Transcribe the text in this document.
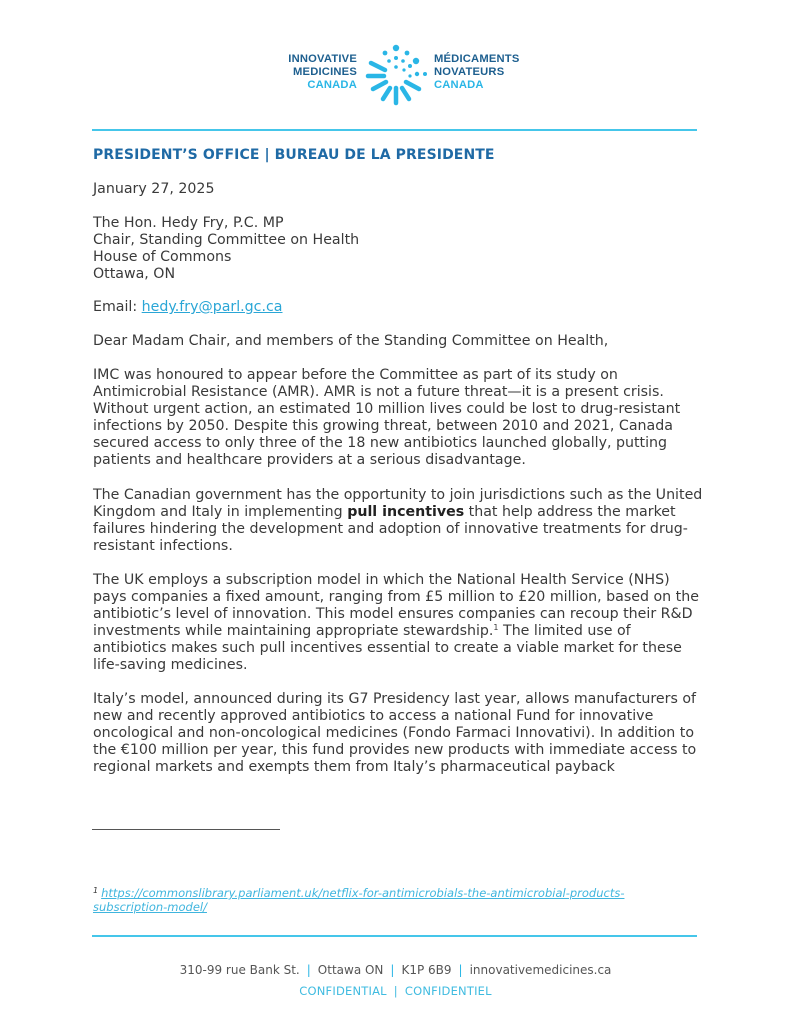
INNOVATIVE
MEDICINES
CANADA
MÉDICAMENTS
NOVATEURS
CANADA
PRESIDENT’S OFFICE | BUREAU DE LA PRESIDENTE
January 27, 2025
The Hon. Hedy Fry, P.C. MP
Chair, Standing Committee on Health
House of Commons
Ottawa, ON
Email: hedy.fry@parl.gc.ca
Dear Madam Chair, and members of the Standing Committee on Health,
IMC was honoured to appear before the Committee as part of its study on Antimicrobial Resistance (AMR). AMR is not a future threat—it is a present crisis. Without urgent action, an estimated 10 million lives could be lost to drug-resistant infections by 2050. Despite this growing threat, between 2010 and 2021, Canada secured access to only three of the 18 new antibiotics launched globally, putting patients and healthcare providers at a serious disadvantage.
The Canadian government has the opportunity to join jurisdictions such as the United Kingdom and Italy in implementing pull incentives that help address the market failures hindering the development and adoption of innovative treatments for drug-resistant infections.
The UK employs a subscription model in which the National Health Service (NHS) pays companies a fixed amount, ranging from £5 million to £20 million, based on the antibiotic’s level of innovation. This model ensures companies can recoup their R&D investments while maintaining appropriate stewardship.$^1$ The limited use of antibiotics makes such pull incentives essential to create a viable market for these life-saving medicines.
Italy’s model, announced during its G7 Presidency last year, allows manufacturers of new and recently approved antibiotics to access a national Fund for innovative oncological and non-oncological medicines (Fondo Farmaci Innovativi). In addition to the €100 million per year, this fund provides new products with immediate access to regional markets and exempts them from Italy’s pharmaceutical payback
$^1$ https://commonslibrary.parliament.uk/netflix-for-antimicrobials-the-antimicrobial-products-subscription-model/
310-99 rue Bank St. | Ottawa ON | K1P 6B9 | innovativemedicines.ca
CONFIDENTIAL | CONFIDENTIEL
